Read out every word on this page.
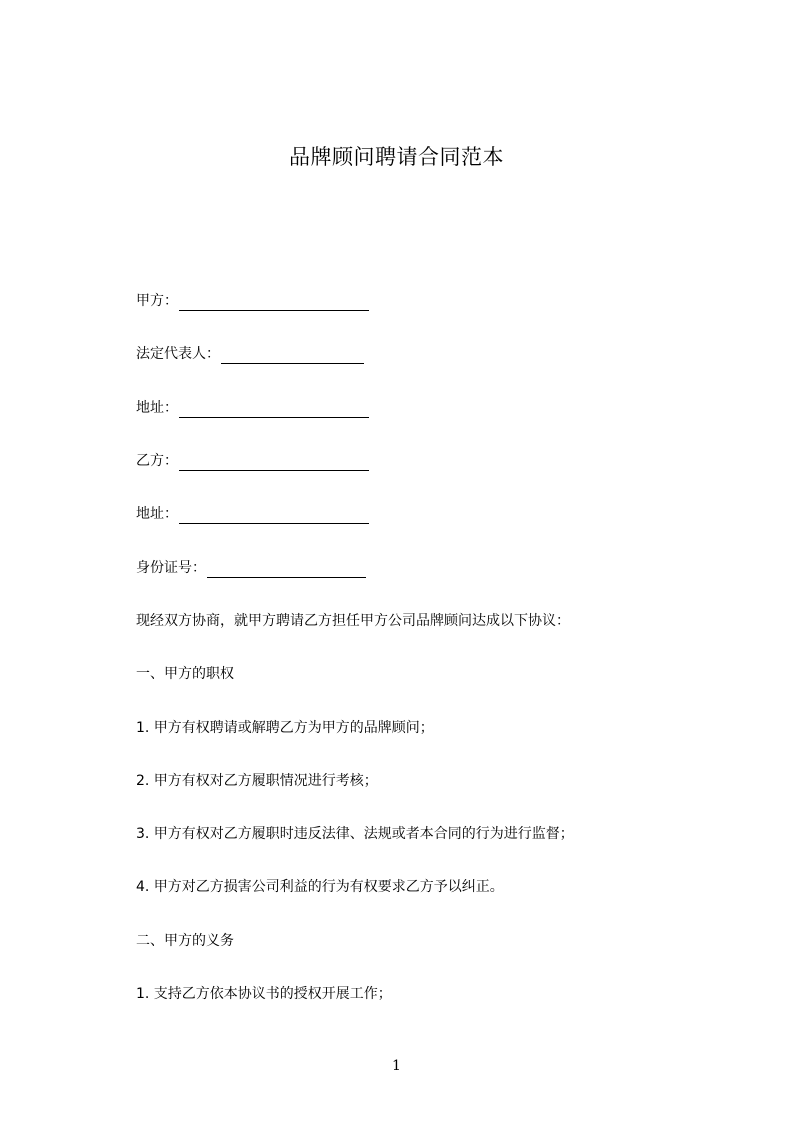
品牌顾问聘请合同范本
甲方：
法定代表人：
地址：
乙方：
地址：
身份证号：
现经双方协商，就甲方聘请乙方担任甲方公司品牌顾问达成以下协议：
一、甲方的职权
1. 甲方有权聘请或解聘乙方为甲方的品牌顾问；
2. 甲方有权对乙方履职情况进行考核；
3. 甲方有权对乙方履职时违反法律、法规或者本合同的行为进行监督；
4. 甲方对乙方损害公司利益的行为有权要求乙方予以纠正。
二、甲方的义务
1. 支持乙方依本协议书的授权开展工作；
1
